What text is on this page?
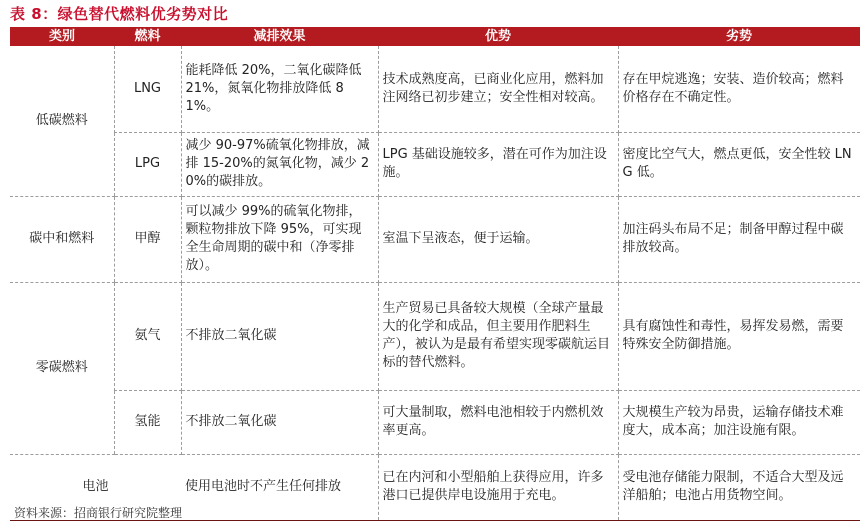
表 8：绿色替代燃料优劣势对比
类别	燃料	减排效果	优势	劣势
低碳燃料	LNG	能耗降低 20%，二氧化碳降低 21%，氮氧化物排放降低 81%。	技术成熟度高，已商业化应用，燃料加注网络已初步建立；安全性相对较高。	存在甲烷逃逸；安装、造价较高；燃料价格存在不确定性。
	LPG	减少 90-97%硫氧化物排放，减排 15-20%的氮氧化物，减少 20%的碳排放。	LPG 基础设施较多，潜在可作为加注设施。	密度比空气大，燃点更低，安全性较 LNG 低。
碳中和燃料	甲醇	可以减少 99%的硫氧化物排，颗粒物排放下降 95%，可实现全生命周期的碳中和（净零排放）。	室温下呈液态，便于运输。	加注码头布局不足；制备甲醇过程中碳排放较高。
零碳燃料	氨气	不排放二氧化碳	生产贸易已具备较大规模（全球产量最大的化学和成品，但主要用作肥料生产），被认为是最有希望实现零碳航运目标的替代燃料。	具有腐蚀性和毒性，易挥发易燃，需要特殊安全防御措施。
	氢能	不排放二氧化碳	可大量制取，燃料电池相较于内燃机效率更高。	大规模生产较为昂贵，运输存储技术难度大，成本高；加注设施有限。
电池		使用电池时不产生任何排放	已在内河和小型船舶上获得应用，许多港口已提供岸电设施用于充电。	受电池存储能力限制，不适合大型及远洋船舶；电池占用货物空间。
资料来源：招商银行研究院整理
